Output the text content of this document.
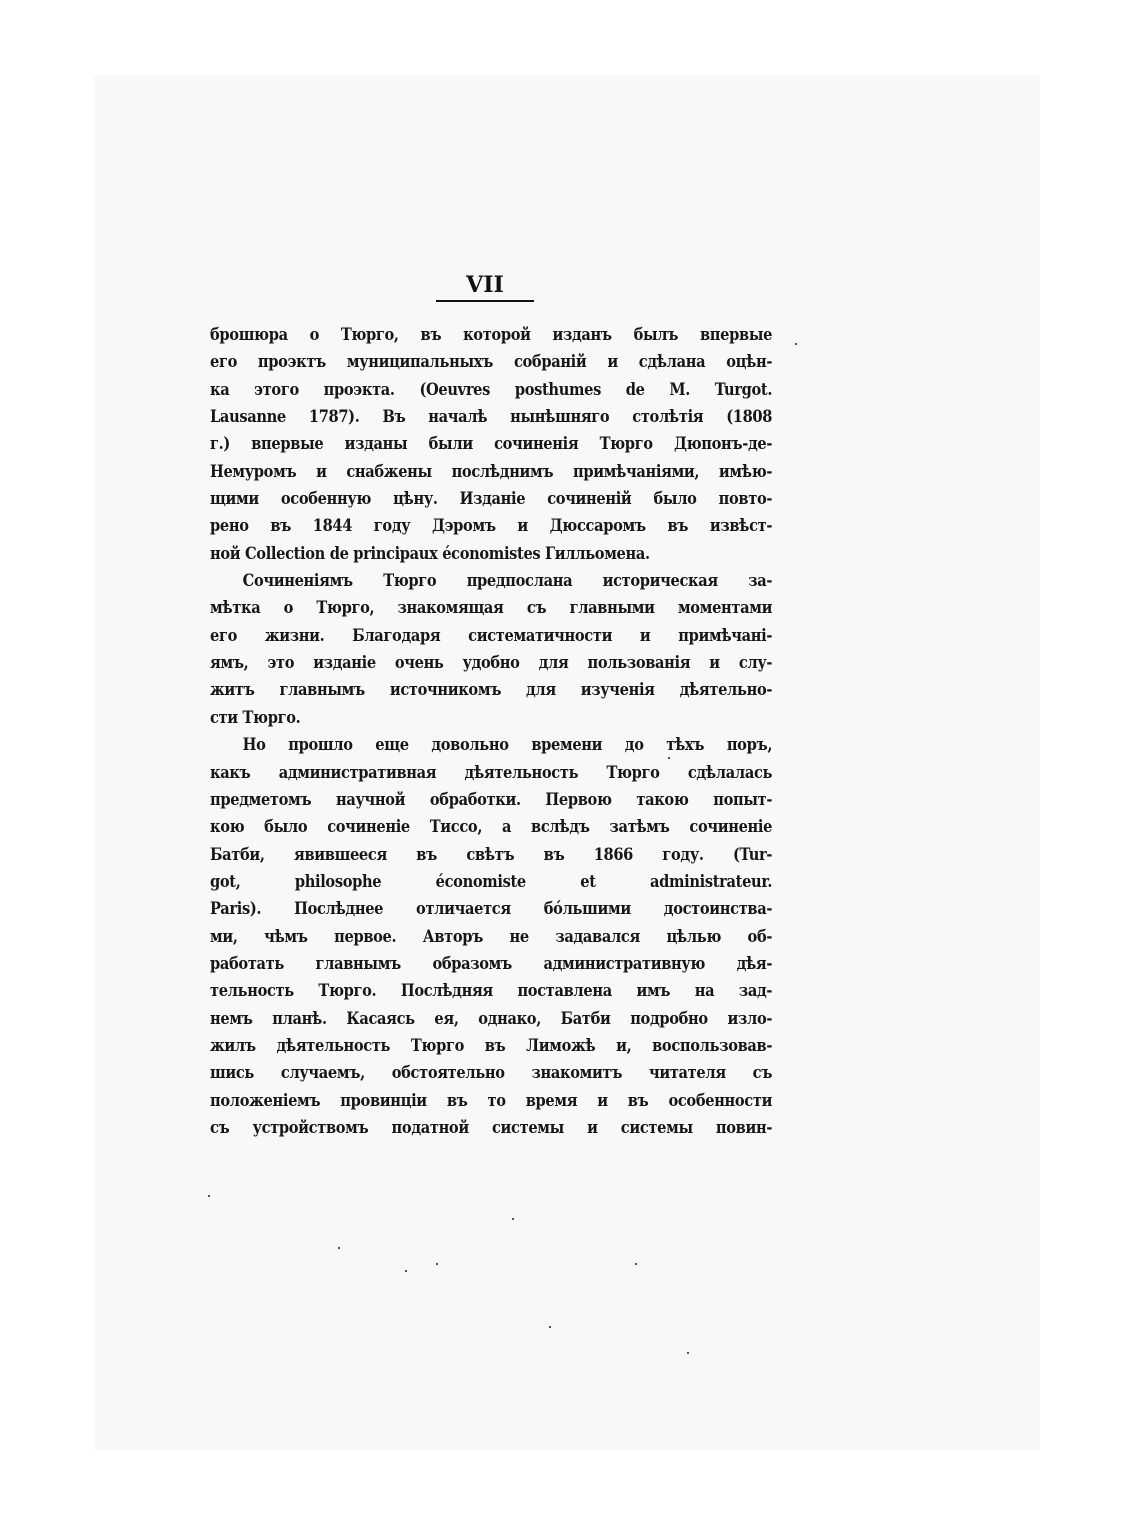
VII
брошюра о Тюрго, въ которой изданъ былъ впервые
его проэктъ муниципальныхъ собраній и сдѣлана оцѣн-
ка этого проэкта. (Oeuvres posthumes de M. Turgot.
Lausanne 1787). Въ началѣ нынѣшняго столѣтія (1808
г.) впервые изданы были сочиненія Тюрго Дюпонъ-де-
Немуромъ и снабжены послѣднимъ примѣчаніями, имѣю-
щими особенную цѣну. Изданіе сочиненій было повто-
рено въ 1844 году Дэромъ и Дюссаромъ въ извѣст-
ной Collection de principaux économistes Гилльомена.
Сочиненіямъ Тюрго предпослана историческая за-
мѣтка о Тюрго, знакомящая съ главными моментами
его жизни. Благодаря систематичности и примѣчані-
ямъ, это изданіе очень удобно для пользованія и слу-
житъ главнымъ источникомъ для изученія дѣятельно-
сти Тюрго.
Но прошло еще довольно времени до тѣхъ поръ,
какъ административная дѣятельность Тюрго сдѣлалась
предметомъ научной обработки. Первою такою попыт-
кою было сочиненіе Тиссо, а вслѣдъ затѣмъ сочиненіе
Батби, явившееся въ свѣтъ въ 1866 году. (Tur-
got, philosophe économiste et administrateur.
Paris). Послѣднее отличается бóльшими достоинства-
ми, чѣмъ первое. Авторъ не задавался цѣлью об-
работать главнымъ образомъ административную дѣя-
тельность Тюрго. Послѣдняя поставлена имъ на зад-
немъ планѣ. Касаясь ея, однако, Батби подробно изло-
жилъ дѣятельность Тюрго въ Лиможѣ и, воспользовав-
шись случаемъ, обстоятельно знакомитъ читателя съ
положеніемъ провинціи въ то время и въ особенности
съ устройствомъ податной системы и системы повин-
